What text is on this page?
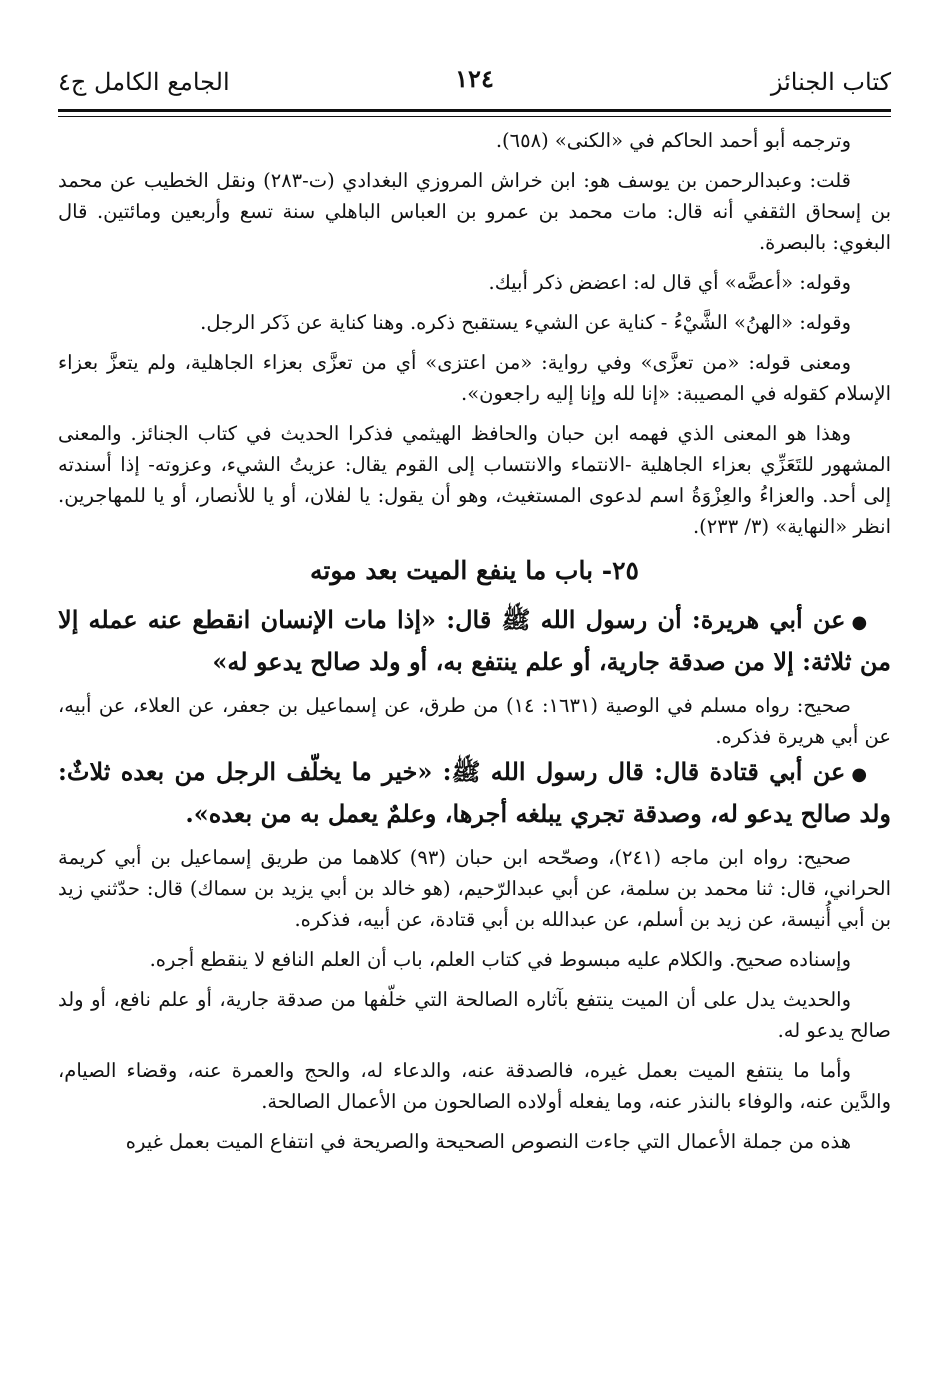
كتاب الجنائز
١٢٤
الجامع الكامل ج٤

وترجمه أبو أحمد الحاكم في «الكنى» (٦٥٨).

قلت: وعبدالرحمن بن يوسف هو: ابن خراش المروزي البغدادي (ت-٢٨٣) ونقل الخطيب عن محمد بن إسحاق الثقفي أنه قال: مات محمد بن عمرو بن العباس الباهلي سنة تسع وأربعين ومائتين. قال البغوي: بالبصرة.

وقوله: «أعضَّه» أي قال له: اعضض ذكر أبيك.

وقوله: «الهنُ» الشَّيْءُ - كناية عن الشيء يستقبح ذكره. وهنا كناية عن ذَكر الرجل.

ومعنى قوله: «من تعزَّى» وفي رواية: «من اعتزى» أي من تعزَّى بعزاء الجاهلية، ولم يتعزَّ بعزاء الإسلام كقوله في المصيبة: «إنا لله وإنا إليه راجعون».

وهذا هو المعنى الذي فهمه ابن حبان والحافظ الهيثمي فذكرا الحديث في كتاب الجنائز. والمعنى المشهور للتَعَزِّي بعزاء الجاهلية -الانتماء والانتساب إلى القوم يقال: عزيتُ الشيء، وعزوته- إذا أسندته إلى أحد. والعزاءُ والعِزْوَةُ اسم لدعوى المستغيث، وهو أن يقول: يا لفلان، أو يا للأنصار، أو يا للمهاجرين. انظر «النهاية» (٣/ ٢٣٣).

٢٥- باب ما ينفع الميت بعد موته

●عن أبي هريرة: أن رسول الله ﷺ قال: «إذا مات الإنسان انقطع عنه عمله إلا من ثلاثة: إلا من صدقة جارية، أو علم ينتفع به، أو ولد صالح يدعو له»

صحيح: رواه مسلم في الوصية (١٦٣١: ١٤) من طرق، عن إسماعيل بن جعفر، عن العلاء، عن أبيه، عن أبي هريرة فذكره.

●عن أبي قتادة قال: قال رسول الله ﷺ: «خير ما يخلّف الرجل من بعده ثلاثٌ: ولد صالح يدعو له، وصدقة تجري يبلغه أجرها، وعلمٌ يعمل به من بعده».

صحيح: رواه ابن ماجه (٢٤١)، وصحّحه ابن حبان (٩٣) كلاهما من طريق إسماعيل بن أبي كريمة الحراني، قال: ثنا محمد بن سلمة، عن أبي عبدالرّحيم، (هو خالد بن أبي يزيد بن سماك) قال: حدّثني زيد بن أبي أُنيسة، عن زيد بن أسلم، عن عبدالله بن أبي قتادة، عن أبيه، فذكره.

وإسناده صحيح. والكلام عليه مبسوط في كتاب العلم، باب أن العلم النافع لا ينقطع أجره.

والحديث يدل على أن الميت ينتفع بآثاره الصالحة التي خلّفها من صدقة جارية، أو علم نافع، أو ولد صالح يدعو له.

وأما ما ينتفع الميت بعمل غيره، فالصدقة عنه، والدعاء له، والحج والعمرة عنه، وقضاء الصيام، والدَّين عنه، والوفاء بالنذر عنه، وما يفعله أولاده الصالحون من الأعمال الصالحة.

هذه من جملة الأعمال التي جاءت النصوص الصحيحة والصريحة في انتفاع الميت بعمل غيره
